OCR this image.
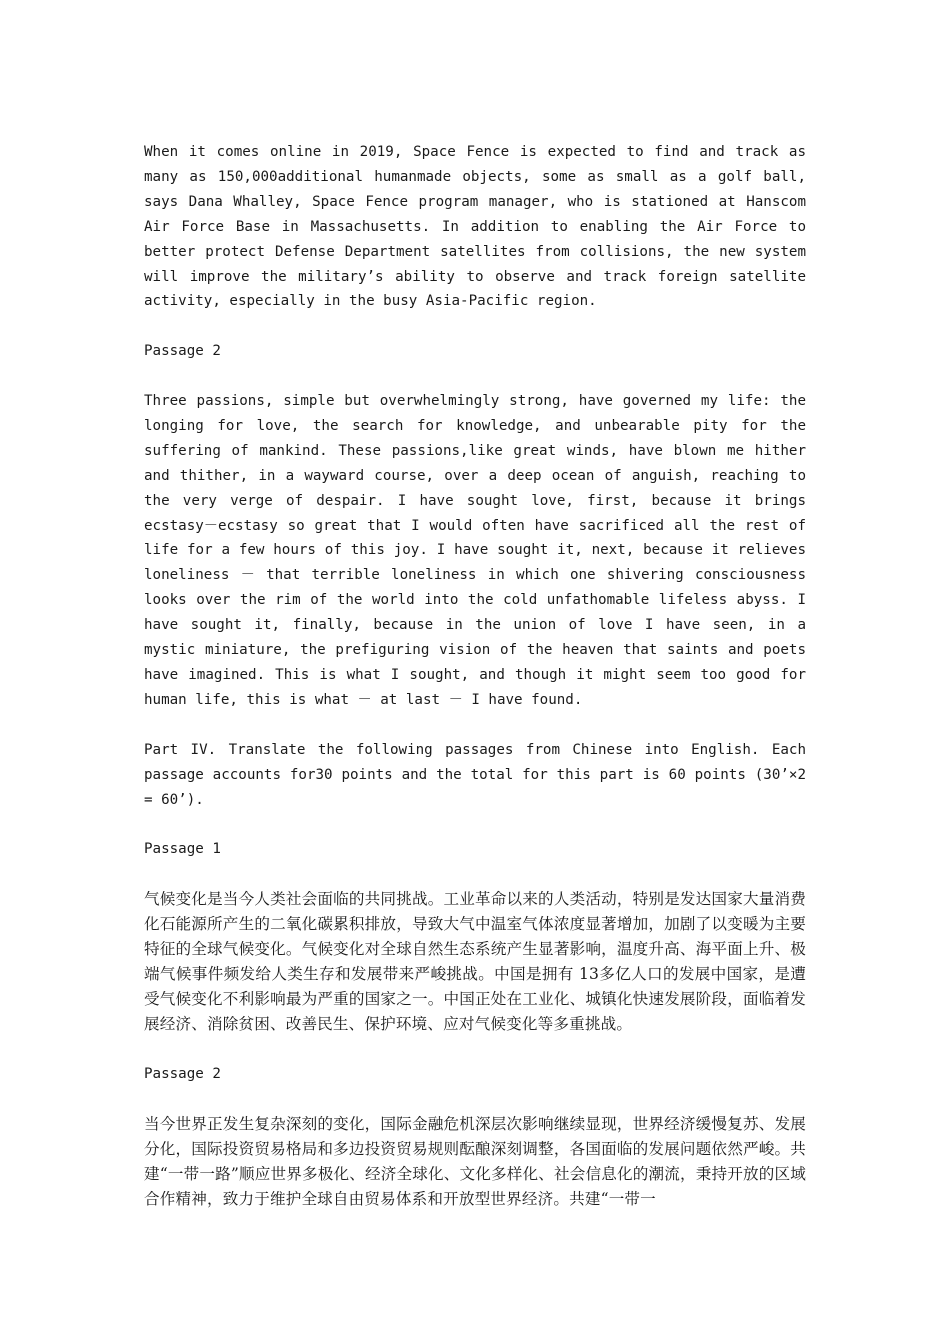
When it comes online in 2019, Space Fence is expected to find and track as many as 150,000additional humanmade objects, some as small as a golf ball, says Dana Whalley, Space Fence program manager, who is stationed at Hanscom Air Force Base in Massachusetts. In addition to enabling the Air Force to better protect Defense Department satellites from collisions, the new system will improve the military’s ability to observe and track foreign satellite activity, especially in the busy Asia-Pacific region.

Passage 2

Three passions, simple but overwhelmingly strong, have governed my life: the longing for love, the search for knowledge, and unbearable pity for the suffering of mankind. These passions,like great winds, have blown me hither and thither, in a wayward course, over a deep ocean of anguish, reaching to the very verge of despair. I have sought love, first, because it brings ecstasy－ecstasy so great that I would often have sacrificed all the rest of life for a few hours of this joy. I have sought it, next, because it relieves loneliness － that terrible loneliness in which one shivering consciousness looks over the rim of the world into the cold unfathomable lifeless abyss. I have sought it, finally, because in the union of love I have seen, in a mystic miniature, the prefiguring vision of the heaven that saints and poets have imagined. This is what I sought, and though it might seem too good for human life, this is what － at last － I have found.

Part IV. Translate the following passages from Chinese into English. Each passage accounts for30 points and the total for this part is 60 points (30’×2 = 60’).

Passage 1

气候变化是当今人类社会面临的共同挑战。工业革命以来的人类活动，特别是发达国家大量消费化石能源所产生的二氧化碳累积排放，导致大气中温室气体浓度显著增加，加剧了以变暖为主要特征的全球气候变化。气候变化对全球自然生态系统产生显著影响，温度升高、海平面上升、极端气候事件频发给人类生存和发展带来严峻挑战。中国是拥有 13多亿人口的发展中国家，是遭受气候变化不利影响最为严重的国家之一。中国正处在工业化、城镇化快速发展阶段，面临着发展经济、消除贫困、改善民生、保护环境、应对气候变化等多重挑战。

Passage 2

当今世界正发生复杂深刻的变化，国际金融危机深层次影响继续显现，世界经济缓慢复苏、发展分化，国际投资贸易格局和多边投资贸易规则酝酿深刻调整，各国面临的发展问题依然严峻。共建“一带一路”顺应世界多极化、经济全球化、文化多样化、社会信息化的潮流，秉持开放的区域合作精神，致力于维护全球自由贸易体系和开放型世界经济。共建“一带一
